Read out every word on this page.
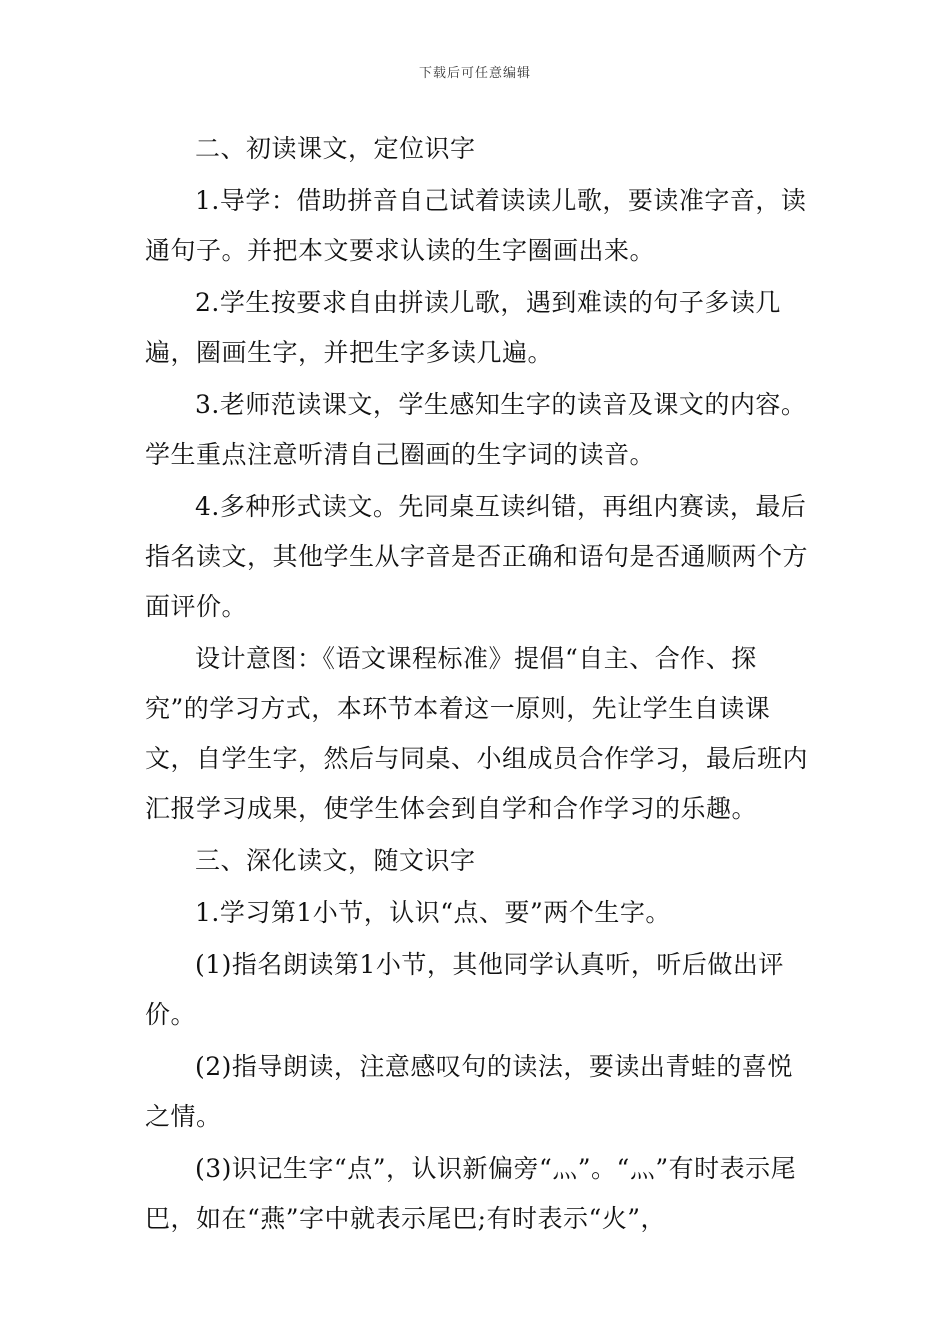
下载后可任意编辑

二、初读课文，定位识字

1.导学：借助拼音自己试着读读儿歌，要读准字音，读通句子。并把本文要求认读的生字圈画出来。

2.学生按要求自由拼读儿歌，遇到难读的句子多读几遍，圈画生字，并把生字多读几遍。

3.老师范读课文，学生感知生字的读音及课文的内容。学生重点注意听清自己圈画的生字词的读音。

4.多种形式读文。先同桌互读纠错，再组内赛读，最后指名读文，其他学生从字音是否正确和语句是否通顺两个方面评价。

设计意图：《语文课程标准》提倡“自主、合作、探究”的学习方式，本环节本着这一原则，先让学生自读课文，自学生字，然后与同桌、小组成员合作学习，最后班内汇报学习成果，使学生体会到自学和合作学习的乐趣。

三、深化读文，随文识字

1.学习第1小节，认识“点、要”两个生字。

(1)指名朗读第1小节，其他同学认真听，听后做出评价。

(2)指导朗读，注意感叹句的读法，要读出青蛙的喜悦之情。

(3)识记生字“点”，认识新偏旁“灬”。“灬”有时表示尾巴，如在“燕”字中就表示尾巴;有时表示“火”，
